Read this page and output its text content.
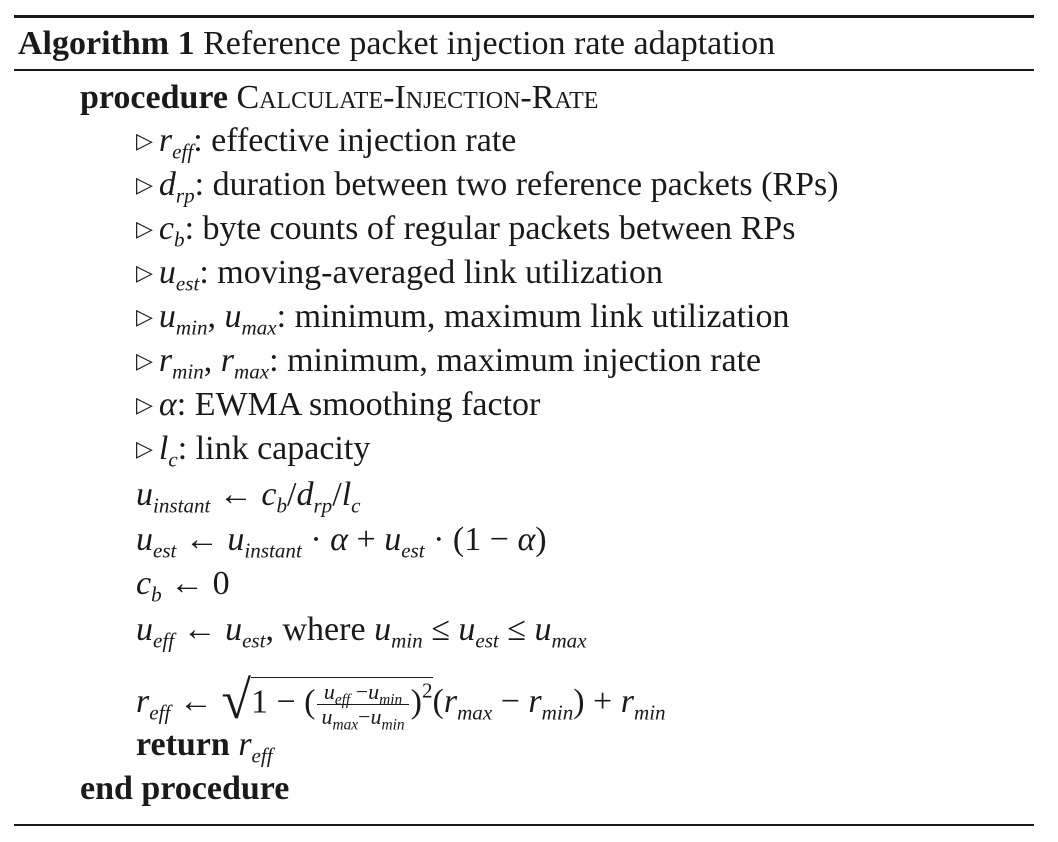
Algorithm 1 Reference packet injection rate adaptation
procedure Calculate-Injection-Rate
▷ $r_{eff}$: effective injection rate
▷ $d_{rp}$: duration between two reference packets (RPs)
▷ $c_b$: byte counts of regular packets between RPs
▷ $u_{est}$: moving-averaged link utilization
▷ $u_{min}$, $u_{max}$: minimum, maximum link utilization
▷ $r_{min}$, $r_{max}$: minimum, maximum injection rate
▷ α: EWMA smoothing factor
▷ $l_c$: link capacity
$u_{instant}$ ← $c_b/d_{rp}/l_c$
$u_{est}$ ← $u_{instant} \cdot \alpha + u_{est} \cdot (1 - \alpha)$
$c_b$ ← 0
$u_{eff}$ ← $u_{est}$, where $u_{min} \le u_{est} \le u_{max}$
$r_{eff}$ ← √1 − ( $\frac{u_{eff} -u_{min}}{u_{max}-u_{min}} )^2(r_{max} - r_{min}) + r_{min}$
return $r_{eff}$
end procedure
